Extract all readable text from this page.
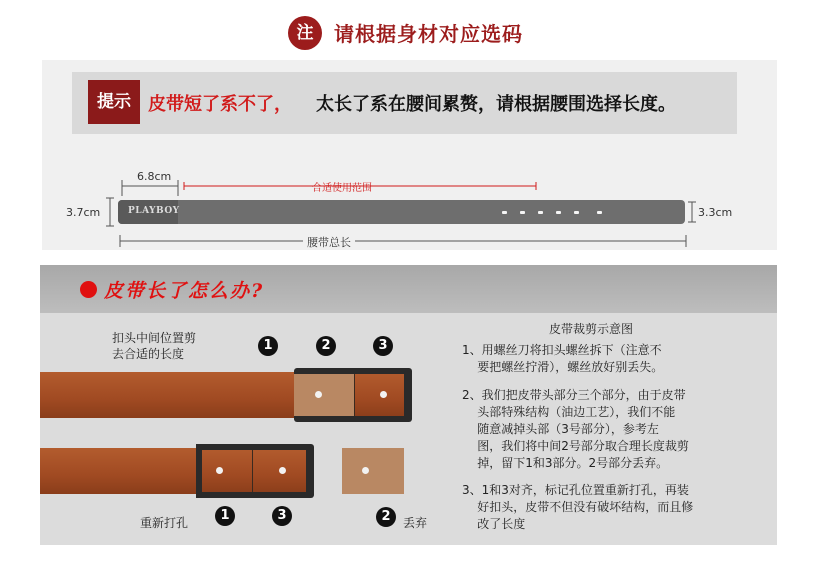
注	请根据身材对应选码
提示 皮带短了系不了， 太长了系在腰间累赘，请根据腰围选择长度。
6.8cm
合适使用范围
3.7cm	3.3cm
腰带总长
PLAYBOY
皮带长了怎么办?
1	2	3
扣头中间位置剪
去合适的长度
重新打孔	1	3	2	丢弃
皮带裁剪示意图
1、用螺丝刀将扣头螺丝拆下（注意不
要把螺丝拧滑），螺丝放好别丢失。
2、我们把皮带头部分三个部分，由于皮带
头部特殊结构（油边工艺），我们不能
随意减掉头部（3号部分），参考左
图，我们将中间2号部分取合理长度裁剪
掉，留下1和3部分。2号部分丢弃。
3、1和3对齐，标记孔位置重新打孔，再装
好扣头，皮带不但没有破坏结构，而且修
改了长度
